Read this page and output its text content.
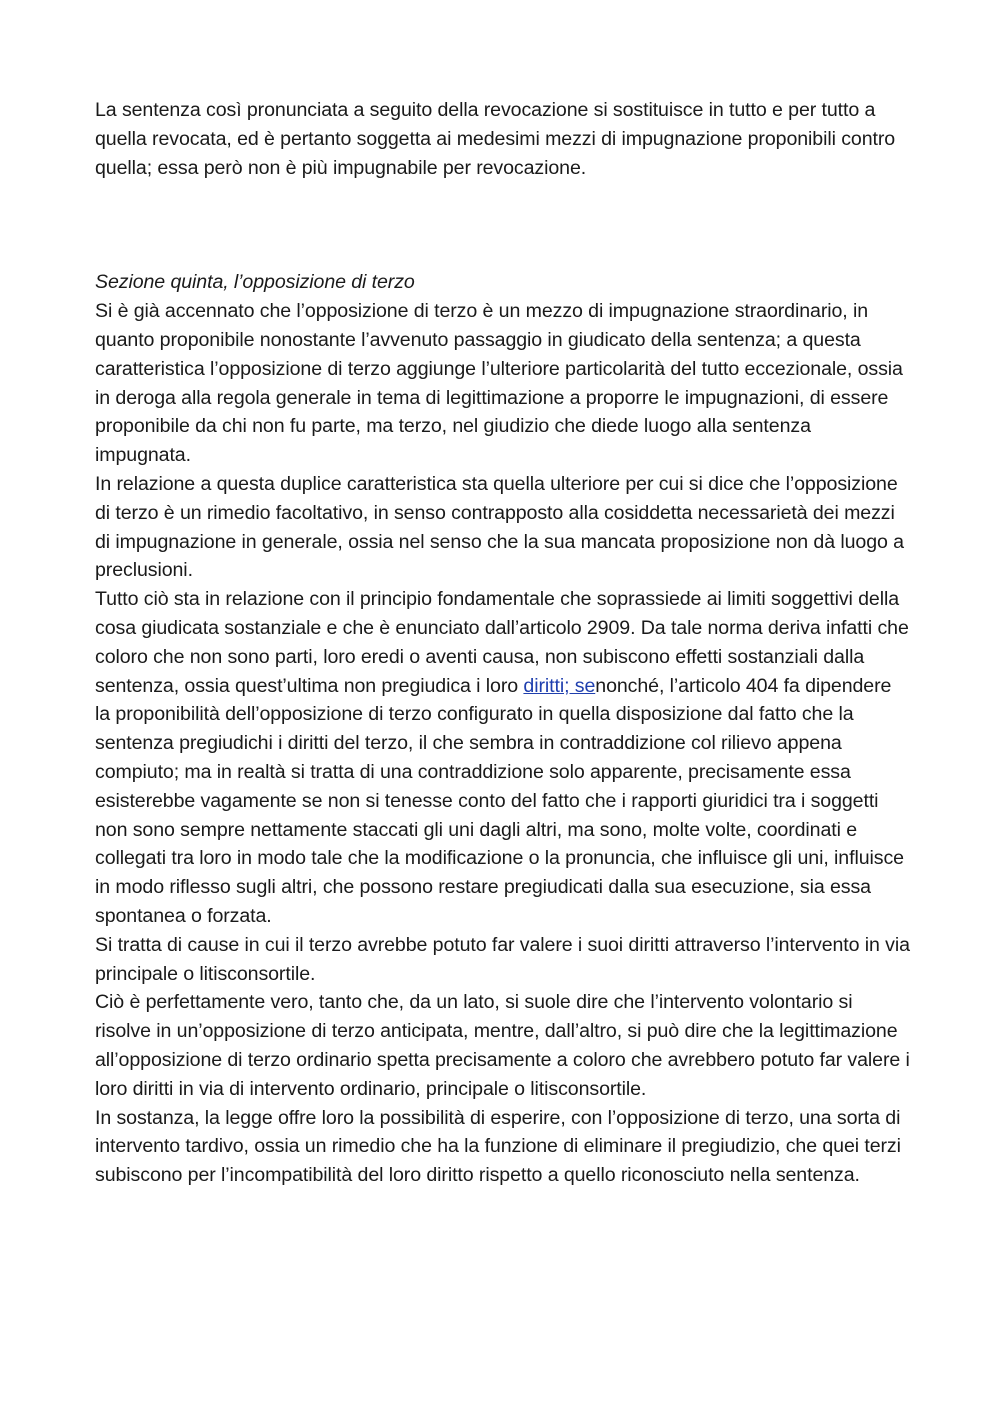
La sentenza così pronunciata a seguito della revocazione si sostituisce in tutto e per tutto a quella revocata, ed è pertanto soggetta ai medesimi mezzi di impugnazione proponibili contro quella; essa però non è più impugnabile per revocazione.

Sezione quinta, l’opposizione di terzo

Si è già accennato che l’opposizione di terzo è un mezzo di impugnazione straordinario, in quanto proponibile nonostante l’avvenuto passaggio in giudicato della sentenza; a questa caratteristica l’opposizione di terzo aggiunge l’ulteriore particolarità del tutto eccezionale, ossia in deroga alla regola generale in tema di legittimazione a proporre le impugnazioni, di essere proponibile da chi non fu parte, ma terzo, nel giudizio che diede luogo alla sentenza impugnata.

In relazione a questa duplice caratteristica sta quella ulteriore per cui si dice che l’opposizione di terzo è un rimedio facoltativo, in senso contrapposto alla cosiddetta necessarietà dei mezzi di impugnazione in generale, ossia nel senso che la sua mancata proposizione non dà luogo a preclusioni.

Tutto ciò sta in relazione con il principio fondamentale che soprassiede ai limiti soggettivi della cosa giudicata sostanziale e che è enunciato dall’articolo 2909. Da tale norma deriva infatti che coloro che non sono parti, loro eredi o aventi causa, non subiscono effetti sostanziali dalla sentenza, ossia quest’ultima non pregiudica i loro diritti; senonché, l’articolo 404 fa dipendere la proponibilità dell’opposizione di terzo configurato in quella disposizione dal fatto che la sentenza pregiudichi i diritti del terzo, il che sembra in contraddizione col rilievo appena compiuto; ma in realtà si tratta di una contraddizione solo apparente, precisamente essa esisterebbe vagamente se non si tenesse conto del fatto che i rapporti giuridici tra i soggetti non sono sempre nettamente staccati gli uni dagli altri, ma sono, molte volte, coordinati e collegati tra loro in modo tale che la modificazione o la pronuncia, che influisce gli uni, influisce in modo riflesso sugli altri, che possono restare pregiudicati dalla sua esecuzione, sia essa spontanea o forzata.

Si tratta di cause in cui il terzo avrebbe potuto far valere i suoi diritti attraverso l’intervento in via principale o litisconsortile.

Ciò è perfettamente vero, tanto che, da un lato, si suole dire che l’intervento volontario si risolve in un’opposizione di terzo anticipata, mentre, dall’altro, si può dire che la legittimazione all’opposizione di terzo ordinario spetta precisamente a coloro che avrebbero potuto far valere i loro diritti in via di intervento ordinario, principale o litisconsortile.

In sostanza, la legge offre loro la possibilità di esperire, con l’opposizione di terzo, una sorta di intervento tardivo, ossia un rimedio che ha la funzione di eliminare il pregiudizio, che quei terzi subiscono per l’incompatibilità del loro diritto rispetto a quello riconosciuto nella sentenza.
